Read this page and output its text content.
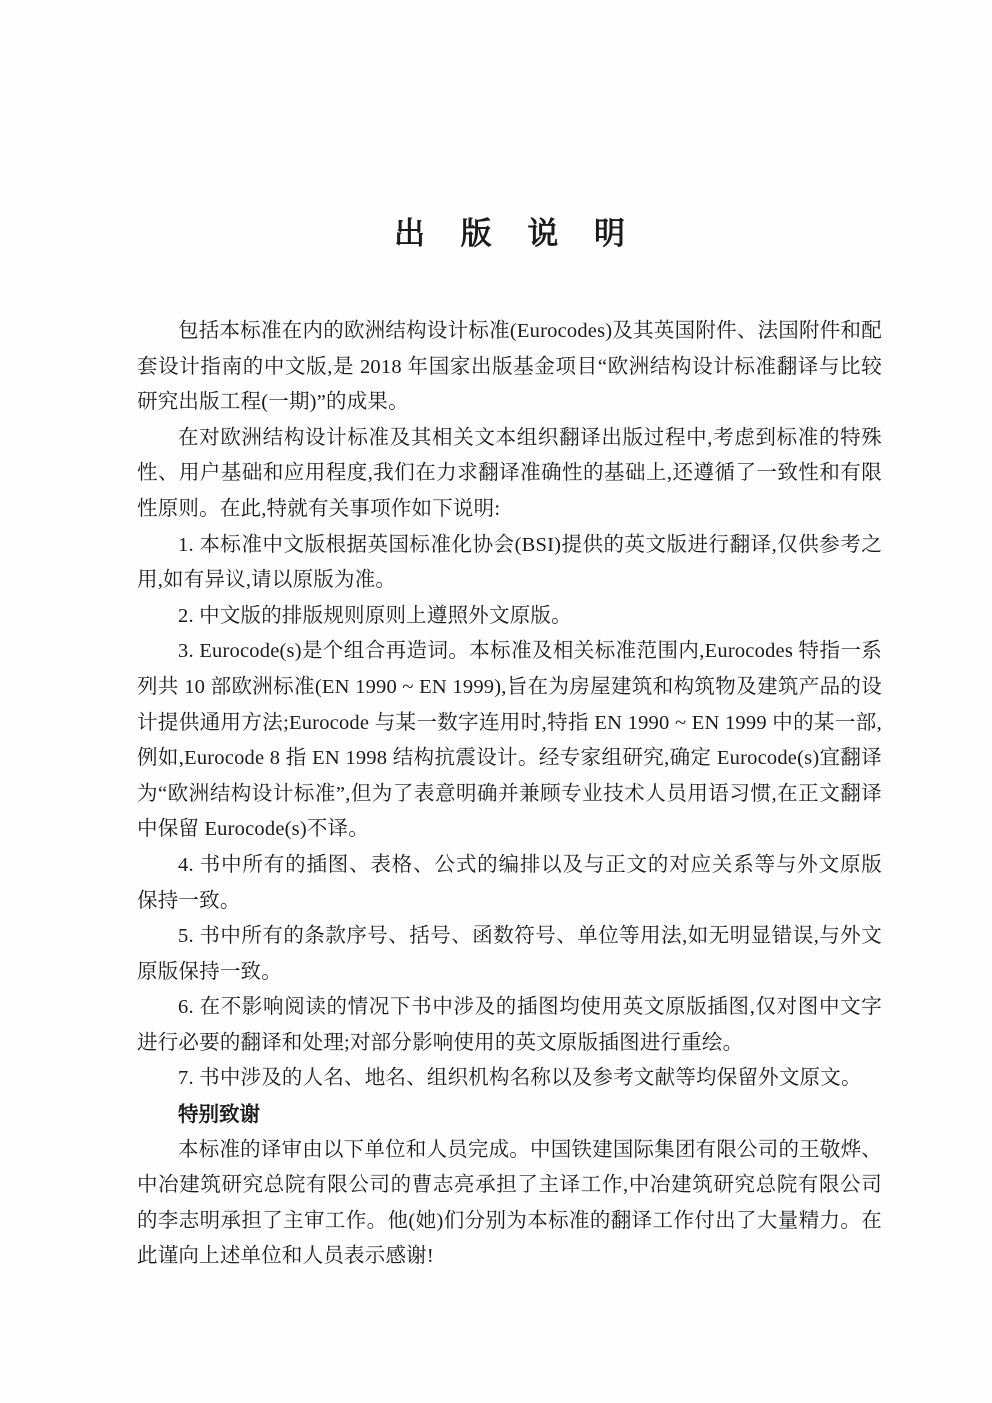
出版说明

包括本标准在内的欧洲结构设计标准(Eurocodes)及其英国附件、法国附件和配套设计指南的中文版,是 2018 年国家出版基金项目“欧洲结构设计标准翻译与比较研究出版工程(一期)”的成果。

在对欧洲结构设计标准及其相关文本组织翻译出版过程中,考虑到标准的特殊性、用户基础和应用程度,我们在力求翻译准确性的基础上,还遵循了一致性和有限性原则。在此,特就有关事项作如下说明:

1. 本标准中文版根据英国标准化协会(BSI)提供的英文版进行翻译,仅供参考之用,如有异议,请以原版为准。

2. 中文版的排版规则原则上遵照外文原版。

3. Eurocode(s)是个组合再造词。本标准及相关标准范围内,Eurocodes 特指一系列共 10 部欧洲标准(EN 1990 ~ EN 1999),旨在为房屋建筑和构筑物及建筑产品的设计提供通用方法;Eurocode 与某一数字连用时,特指 EN 1990 ~ EN 1999 中的某一部,例如,Eurocode 8 指 EN 1998 结构抗震设计。经专家组研究,确定 Eurocode(s)宜翻译为“欧洲结构设计标准”,但为了表意明确并兼顾专业技术人员用语习惯,在正文翻译中保留 Eurocode(s)不译。

4. 书中所有的插图、表格、公式的编排以及与正文的对应关系等与外文原版保持一致。

5. 书中所有的条款序号、括号、函数符号、单位等用法,如无明显错误,与外文原版保持一致。

6. 在不影响阅读的情况下书中涉及的插图均使用英文原版插图,仅对图中文字进行必要的翻译和处理;对部分影响使用的英文原版插图进行重绘。

7. 书中涉及的人名、地名、组织机构名称以及参考文献等均保留外文原文。

特别致谢

本标准的译审由以下单位和人员完成。中国铁建国际集团有限公司的王敬烨、中冶建筑研究总院有限公司的曹志亮承担了主译工作,中冶建筑研究总院有限公司的李志明承担了主审工作。他(她)们分别为本标准的翻译工作付出了大量精力。在此谨向上述单位和人员表示感谢!
